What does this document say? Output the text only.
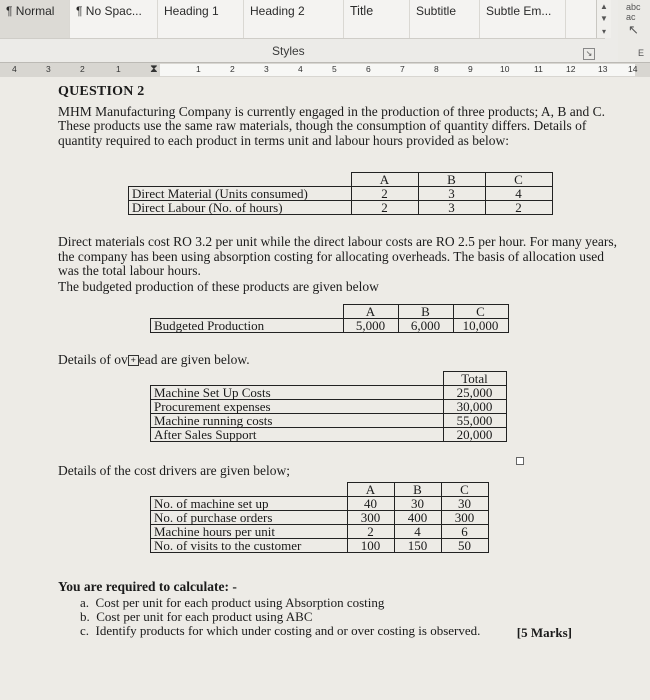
¶ Normal	¶ No Spac...	Heading 1	Heading 2	Title	Subtitle	Subtle Em...	▲
▼
▾
Styles	↘
abc ac
↖
E
4	3	2	1	⧗	1	2	3	4	5	6	7	8	9	10	11	12	13 14

QUESTION 2

MHM Manufacturing Company is currently engaged in the production of three products; A, B and C. These products use the same raw materials, though the consumption of quantity differs. Details of quantity required to each product in terms unit and labour hours provided as below:

	A	B	C
Direct Material (Units consumed)	2	3	4
Direct Labour (No. of hours)	2	3	2

Direct materials cost RO 3.2 per unit while the direct labour costs are RO 2.5 per hour. For many years, the company has been using absorption costing for allocating overheads. The basis of allocation used was the total labour hours.

The budgeted production of these products are given below

	A	B	C
Budgeted Production	5,000	6,000	10,000

Details of ov + ead are given below.

	Total
Machine Set Up Costs	25,000
Procurement expenses	30,000
Machine running costs	55,000
After Sales Support	20,000

Details of the cost drivers are given below;

	A	B	C
No. of machine set up	40	30	30
No. of purchase orders	300	400	300
Machine hours per unit	2	4	6
No. of visits to the customer	100	150	50

You are required to calculate: -

a. Cost per unit for each product using Absorption costing
b. Cost per unit for each product using ABC
c. Identify products for which under costing and or over costing is observed.	[5 Marks]
